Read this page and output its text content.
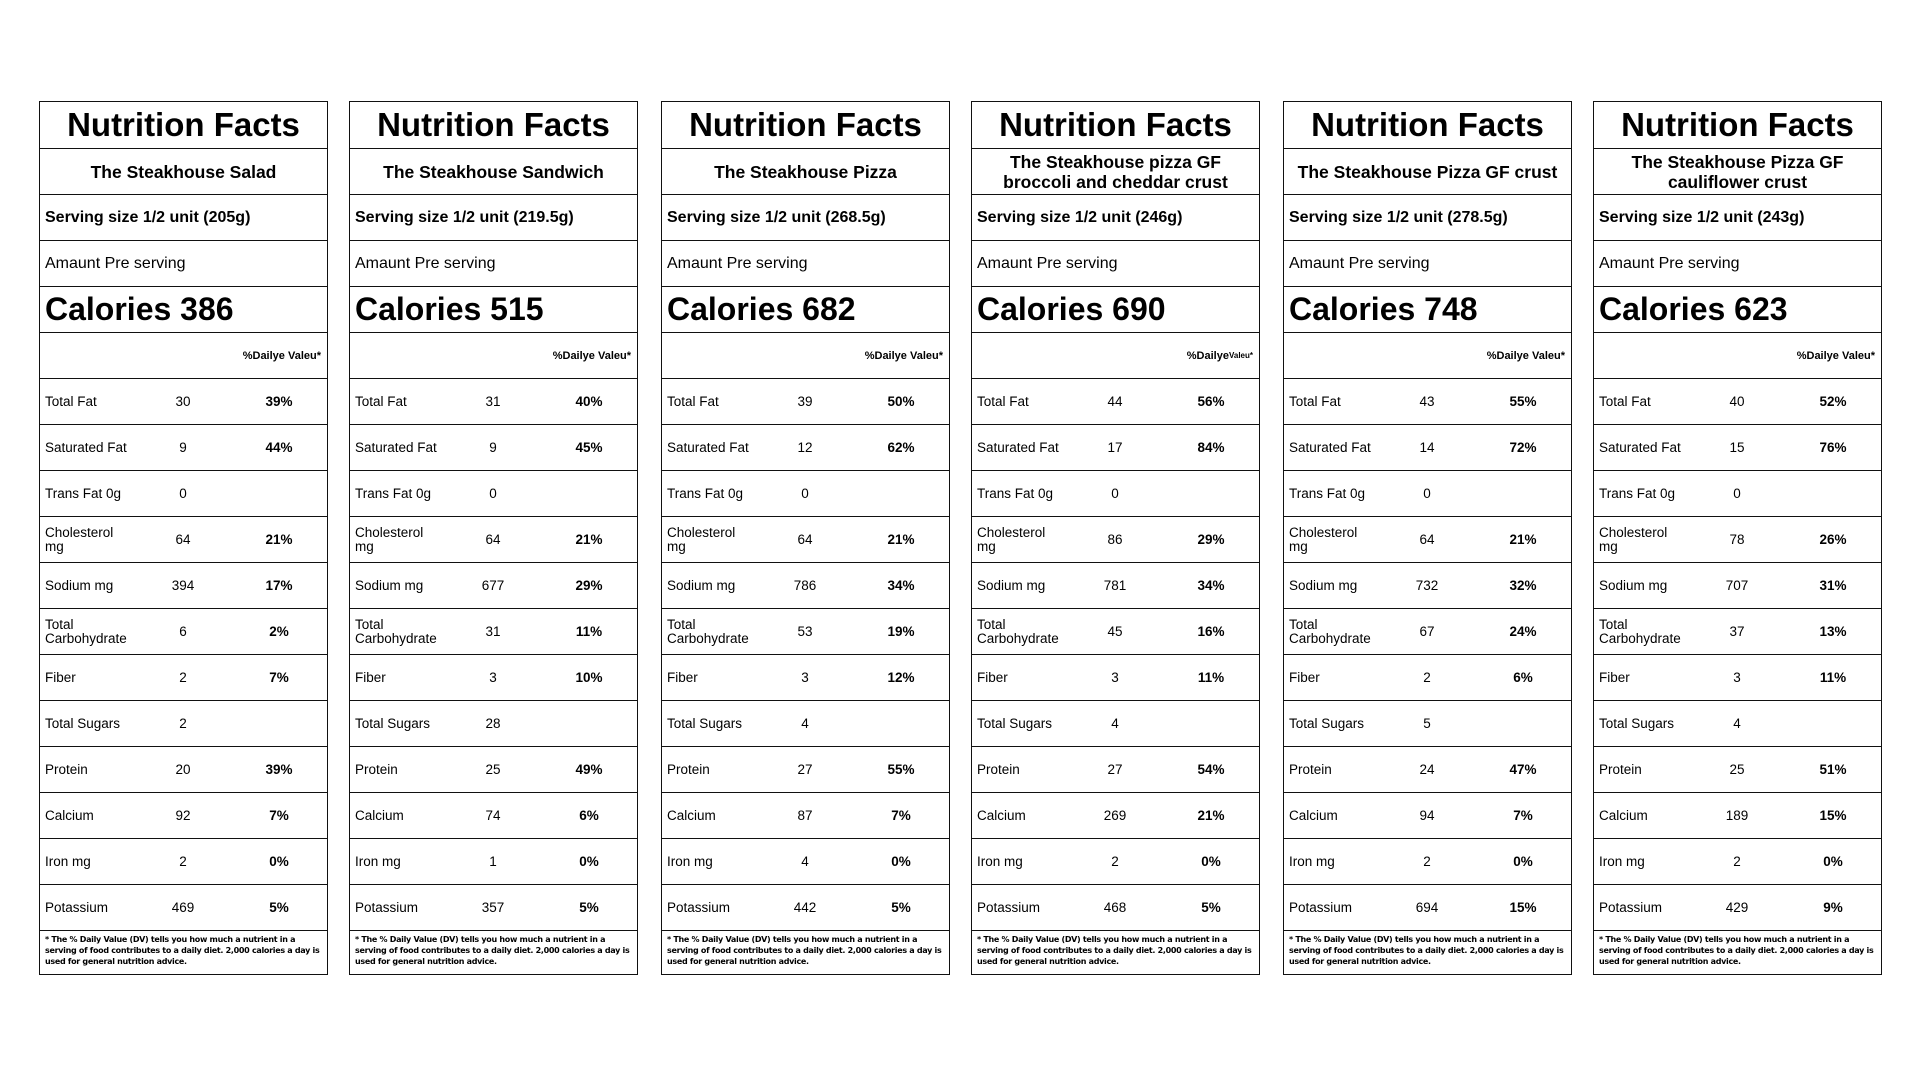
Nutrition Facts
The Steakhouse Salad
Serving size 1/2 unit (205g)
Amaunt Pre serving
Calories 386
%Dailye Valeu*
Total Fat	30	39%
Saturated Fat	9	44%
Trans Fat 0g	0
Cholesterol mg	64	21%
Sodium mg	394	17%
Total Carbohydrate	6	2%
Fiber	2	7%
Total Sugars	2
Protein	20	39%
Calcium	92	7%
Iron mg	2	0%
Potassium	469	5%
* The % Daily Value (DV) tells you how much a nutrient in a serving of food contributes to a daily diet. 2,000 calories a day is used for general nutrition advice.
Nutrition Facts
The Steakhouse Sandwich
Serving size 1/2 unit (219.5g)
Amaunt Pre serving
Calories 515
%Dailye Valeu*
Total Fat	31	40%
Saturated Fat	9	45%
Trans Fat 0g	0
Cholesterol mg	64	21%
Sodium mg	677	29%
Total Carbohydrate	31	11%
Fiber	3	10%
Total Sugars	28
Protein	25	49%
Calcium	74	6%
Iron mg	1	0%
Potassium	357	5%
* The % Daily Value (DV) tells you how much a nutrient in a serving of food contributes to a daily diet. 2,000 calories a day is used for general nutrition advice.
Nutrition Facts
The Steakhouse Pizza
Serving size 1/2 unit (268.5g)
Amaunt Pre serving
Calories 682
%Dailye Valeu*
Total Fat	39	50%
Saturated Fat	12	62%
Trans Fat 0g	0
Cholesterol mg	64	21%
Sodium mg	786	34%
Total Carbohydrate	53	19%
Fiber	3	12%
Total Sugars	4
Protein	27	55%
Calcium	87	7%
Iron mg	4	0%
Potassium	442	5%
* The % Daily Value (DV) tells you how much a nutrient in a serving of food contributes to a daily diet. 2,000 calories a day is used for general nutrition advice.
Nutrition Facts
The Steakhouse pizza GF broccoli and cheddar crust
Serving size 1/2 unit (246g)
Amaunt Pre serving
Calories 690
%Dailye Valeu*
Total Fat	44	56%
Saturated Fat	17	84%
Trans Fat 0g	0
Cholesterol mg	86	29%
Sodium mg	781	34%
Total Carbohydrate	45	16%
Fiber	3	11%
Total Sugars	4
Protein	27	54%
Calcium	269	21%
Iron mg	2	0%
Potassium	468	5%
* The % Daily Value (DV) tells you how much a nutrient in a serving of food contributes to a daily diet. 2,000 calories a day is used for general nutrition advice.
Nutrition Facts
The Steakhouse Pizza GF crust
Serving size 1/2 unit (278.5g)
Amaunt Pre serving
Calories 748
%Dailye Valeu*
Total Fat	43	55%
Saturated Fat	14	72%
Trans Fat 0g	0
Cholesterol mg	64	21%
Sodium mg	732	32%
Total Carbohydrate	67	24%
Fiber	2	6%
Total Sugars	5
Protein	24	47%
Calcium	94	7%
Iron mg	2	0%
Potassium	694	15%
* The % Daily Value (DV) tells you how much a nutrient in a serving of food contributes to a daily diet. 2,000 calories a day is used for general nutrition advice.
Nutrition Facts
The Steakhouse Pizza GF cauliflower crust
Serving size 1/2 unit (243g)
Amaunt Pre serving
Calories 623
%Dailye Valeu*
Total Fat	40	52%
Saturated Fat	15	76%
Trans Fat 0g	0
Cholesterol mg	78	26%
Sodium mg	707	31%
Total Carbohydrate	37	13%
Fiber	3	11%
Total Sugars	4
Protein	25	51%
Calcium	189	15%
Iron mg	2	0%
Potassium	429	9%
* The % Daily Value (DV) tells you how much a nutrient in a serving of food contributes to a daily diet. 2,000 calories a day is used for general nutrition advice.
